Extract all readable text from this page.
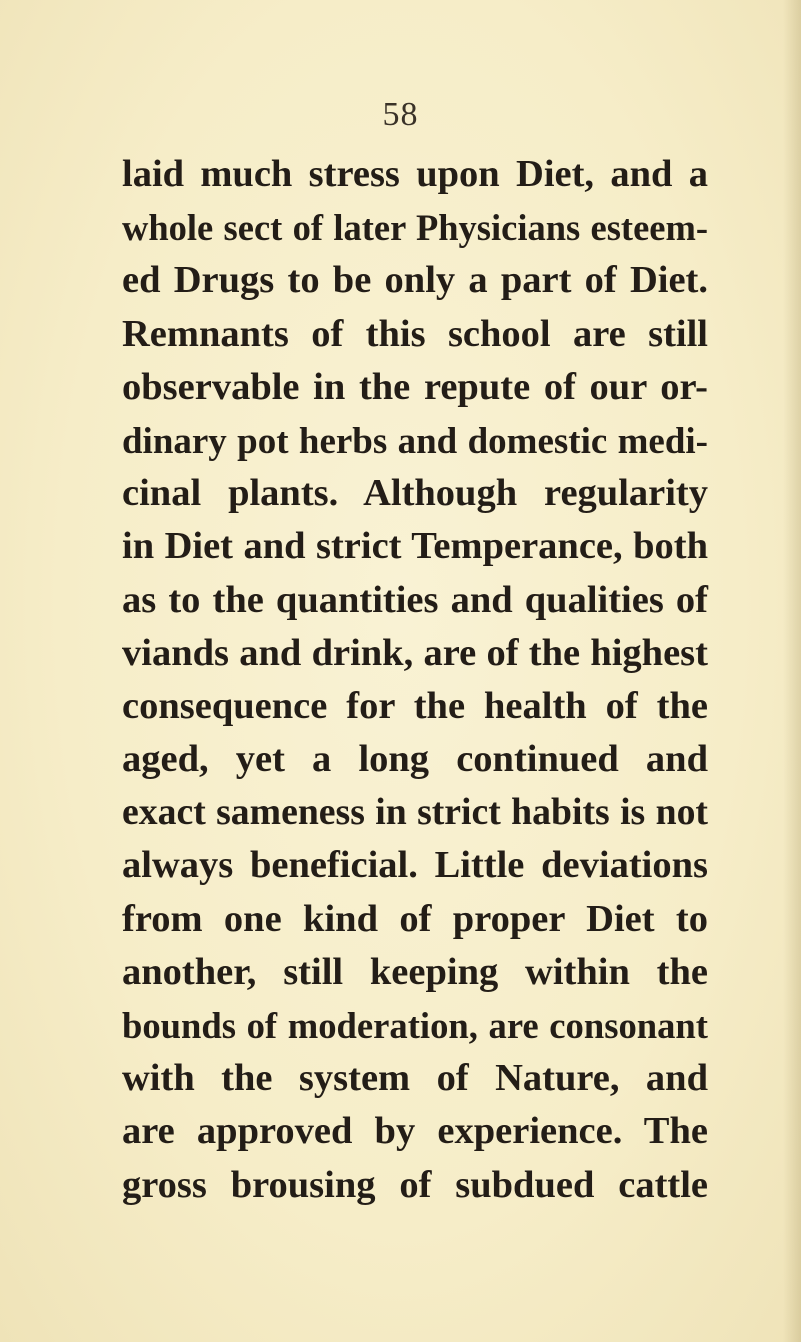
58
laid much stress upon Diet, and a
whole sect of later Physicians esteem-
ed Drugs to be only a part of Diet.
Remnants of this school are still
observable in the repute of our or-
dinary pot herbs and domestic medi-
cinal plants. Although regularity
in Diet and strict Temperance, both
as to the quantities and qualities of
viands and drink, are of the highest
consequence for the health of the
aged, yet a long continued and
exact sameness in strict habits is not
always beneficial. Little deviations
from one kind of proper Diet to
another, still keeping within the
bounds of moderation, are consonant
with the system of Nature, and
are approved by experience. The
gross brousing of subdued cattle
